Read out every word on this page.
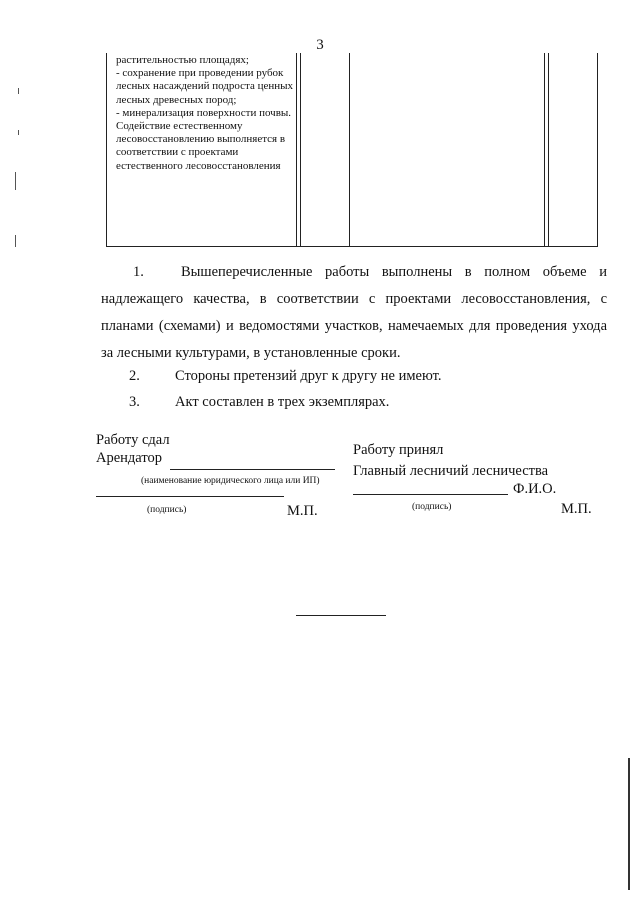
3
растительностью площадях;
- сохранение при проведении рубок лесных насаждений подроста ценных лесных древесных пород;
- минерализация поверхности почвы.
Содействие естественному лесовосстановлению выполняется в соответствии с проектами естественного лесовосстановления
1.	Вышеперечисленные работы выполнены в полном объеме и надлежащего качества, в соответствии с проектами лесовосстановления, с планами (схемами) и ведомостями участков, намечаемых для проведения ухода за лесными культурами, в установленные сроки.
2. Стороны претензий друг к другу не имеют.
3. Акт составлен в трех экземплярах.
Работу сдал
Арендатор
(наименование юридического лица или ИП)
(подпись)	М.П.
Работу принял
Главный лесничий лесничества
Ф.И.О.
(подпись)	М.П.
